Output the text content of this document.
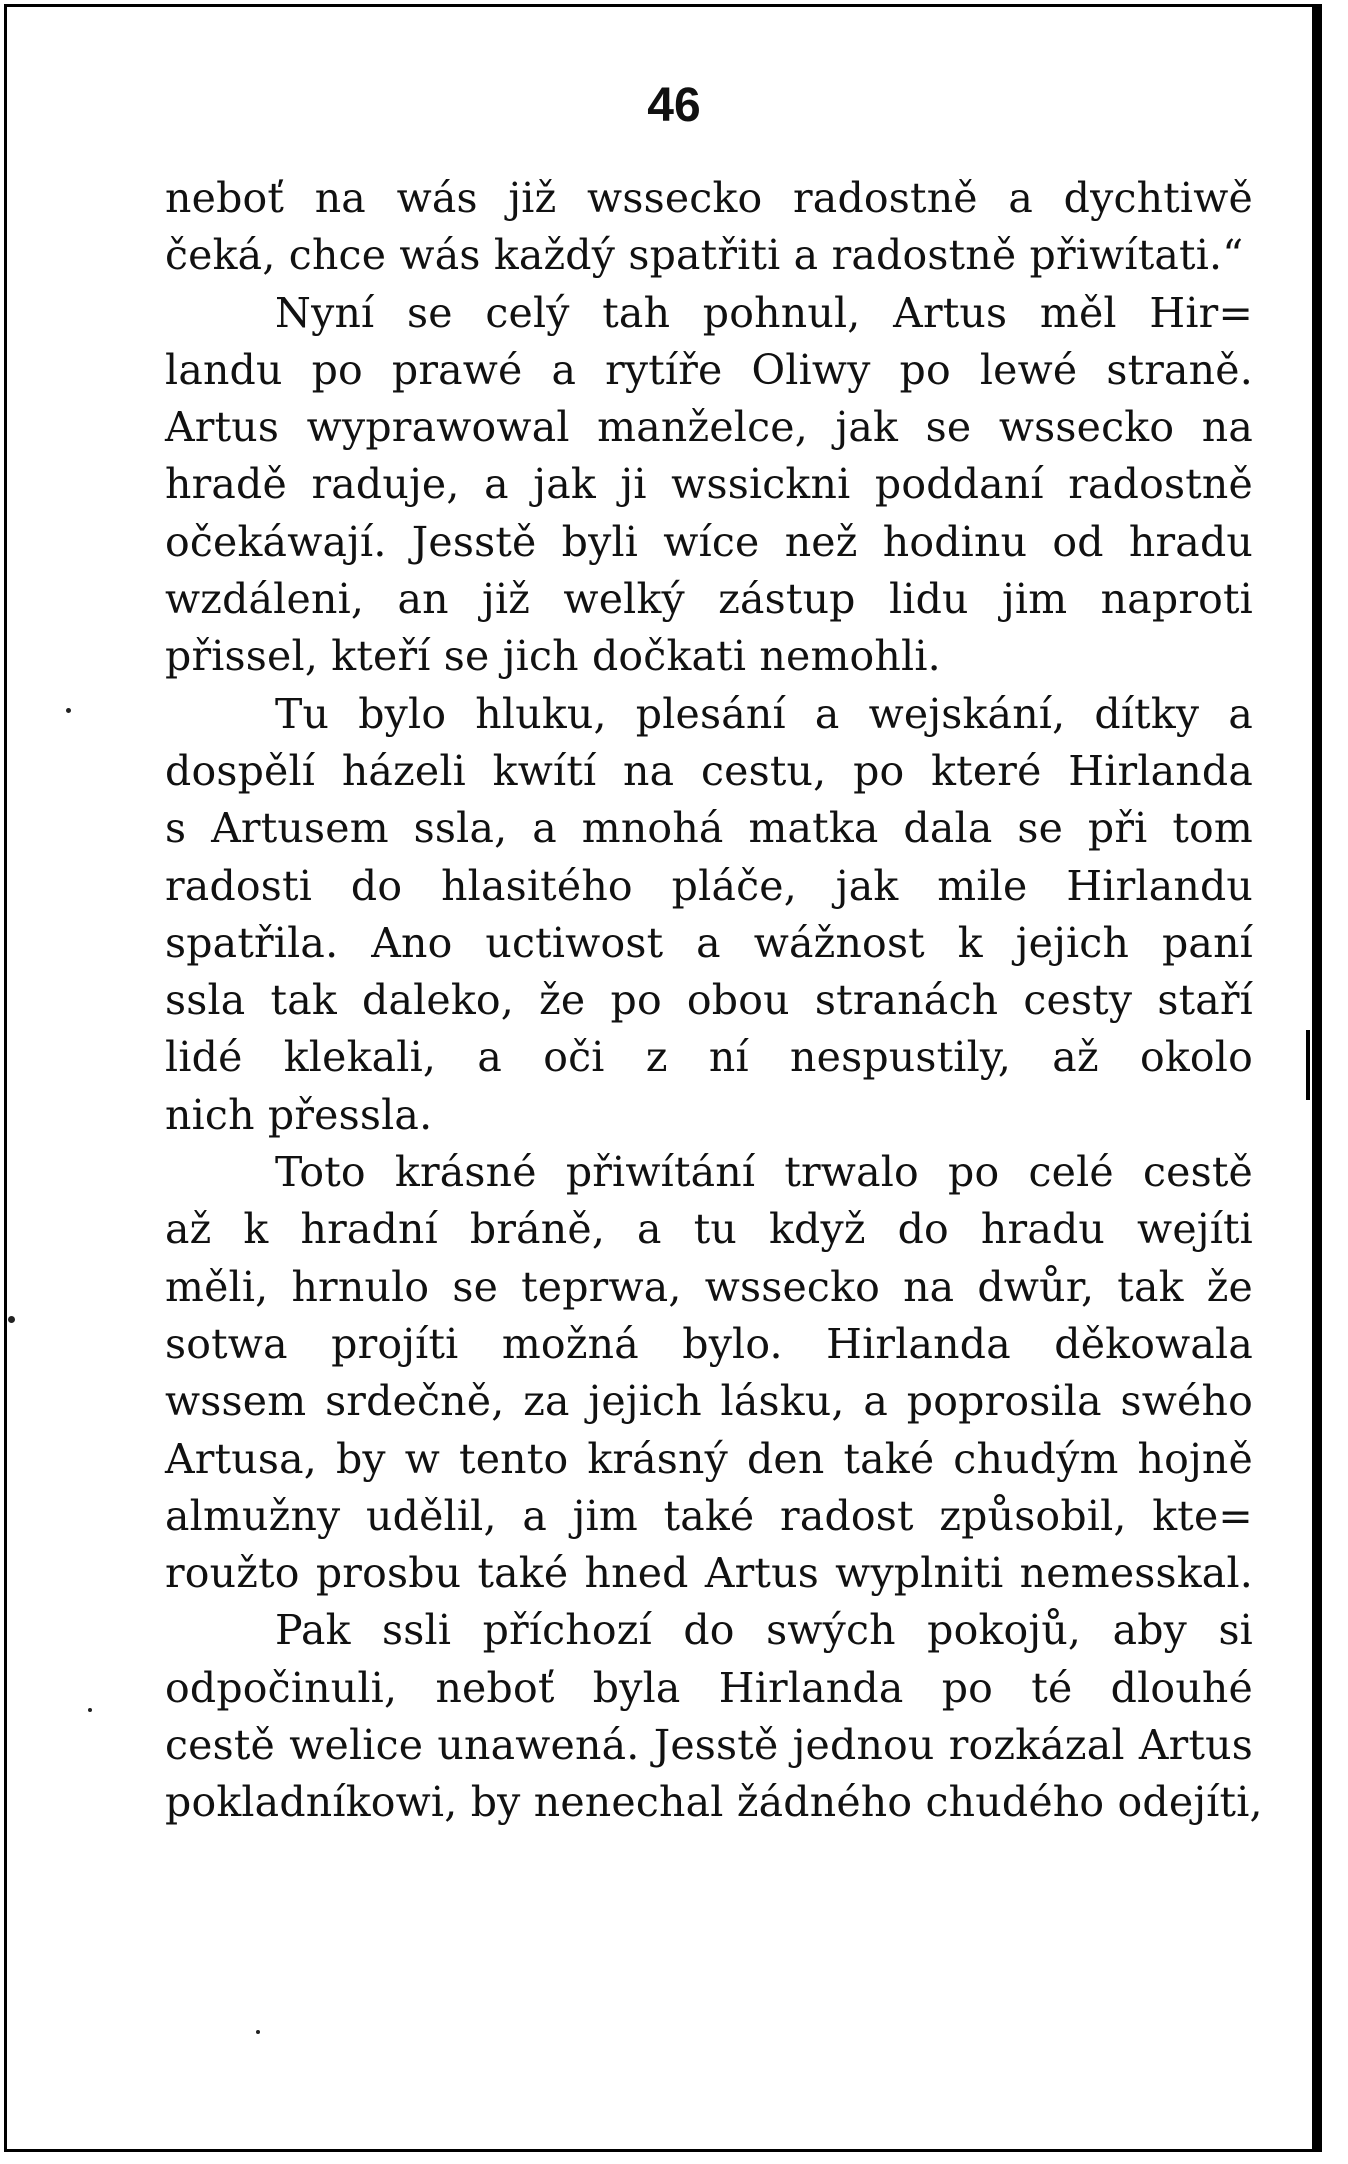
46
neboť na wás již wssecko radostně a dychtiwě
čeká, chce wás každý spatřiti a radostně přiwítati.“
Nyní se celý tah pohnul, Artus měl Hir=
landu po prawé a rytíře Oliwy po lewé straně.
Artus wyprawowal manželce, jak se wssecko na
hradě raduje, a jak ji wssickni poddaní radostně
očekáwají. Jesstě byli wíce než hodinu od hradu
wzdáleni, an již welký zástup lidu jim naproti
přissel, kteří se jich dočkati nemohli.
Tu bylo hluku, plesání a wejskání, dítky a
dospělí házeli kwítí na cestu, po které Hirlanda
s Artusem ssla, a mnohá matka dala se při tom
radosti do hlasitého pláče, jak mile Hirlandu
spatřila. Ano uctiwost a wážnost k jejich paní
ssla tak daleko, že po obou stranách cesty staří
lidé klekali, a oči z ní nespustily, až okolo
nich přessla.
Toto krásné přiwítání trwalo po celé cestě
až k hradní bráně, a tu když do hradu wejíti
měli, hrnulo se teprwa, wssecko na dwůr, tak že
sotwa projíti možná bylo. Hirlanda děkowala
wssem srdečně, za jejich lásku, a poprosila swého
Artusa, by w tento krásný den také chudým hojně
almužny udělil, a jim také radost způsobil, kte=
roužto prosbu také hned Artus wyplniti nemesskal.
Pak ssli příchozí do swých pokojů, aby si
odpočinuli, neboť byla Hirlanda po té dlouhé
cestě welice unawená. Jesstě jednou rozkázal Artus
pokladníkowi, by nenechal žádného chudého odejíti,
